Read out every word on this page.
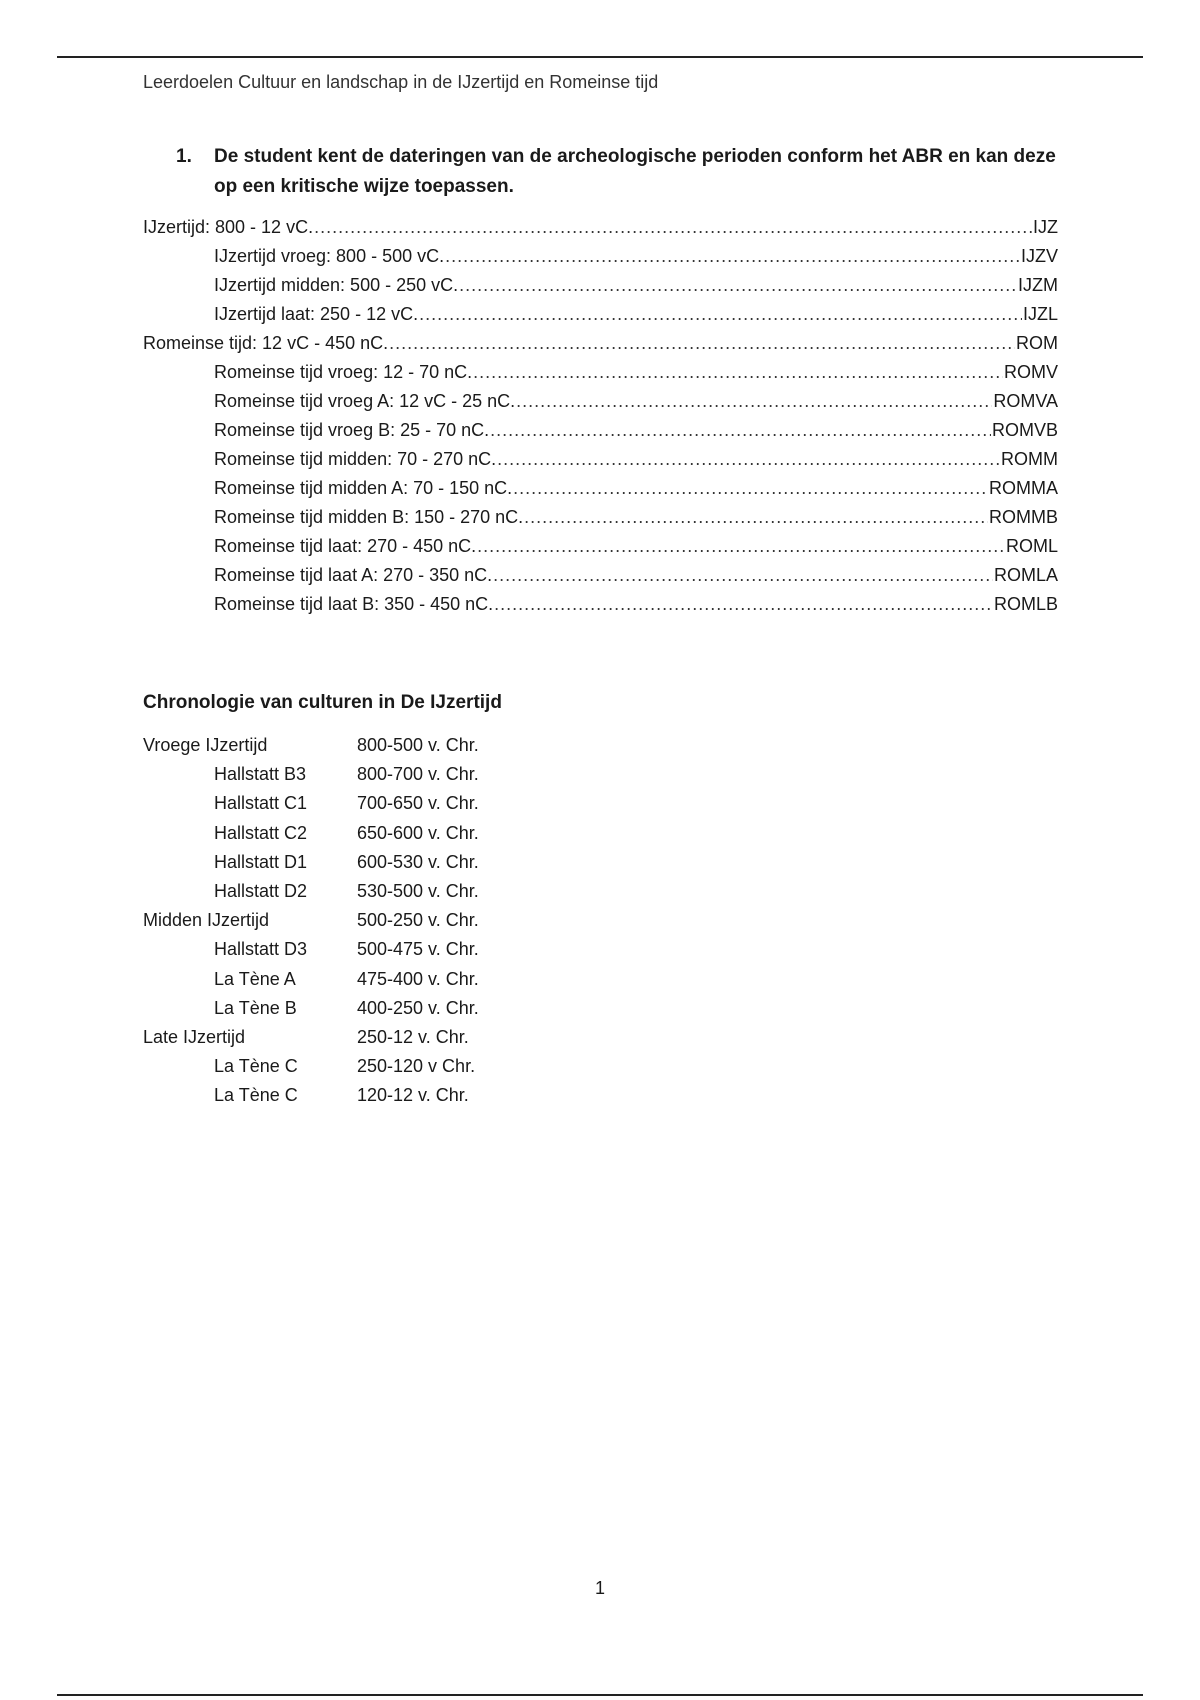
Leerdoelen Cultuur en landschap in de IJzertijd en Romeinse tijd
1.	De student kent de dateringen van de archeologische perioden conform het ABR en kan deze op een kritische wijze toepassen.
IJzertijd: 800 - 12 vC. .....	IJZ
IJzertijd vroeg: 800 - 500 vC. .....	IJZV
IJzertijd midden: 500 - 250 vC. .....	IJZM
IJzertijd laat: 250 - 12 vC. .....	IJZL
Romeinse tijd: 12 vC - 450 nC. .....	ROM
Romeinse tijd vroeg: 12 - 70 nC. .....	ROMV
Romeinse tijd vroeg A: 12 vC - 25 nC. .....	ROMVA
Romeinse tijd vroeg B: 25 - 70 nC. .....	ROMVB
Romeinse tijd midden: 70 - 270 nC. .....	ROMM
Romeinse tijd midden A: 70 - 150 nC. .....	ROMMA
Romeinse tijd midden B: 150 - 270 nC. .....	ROMMB
Romeinse tijd laat: 270 - 450 nC. .....	ROML
Romeinse tijd laat A: 270 - 350 nC. .....	ROMLA
Romeinse tijd laat B: 350 - 450 nC. .....	ROMLB
Chronologie van culturen in De IJzertijd
Vroege IJzertijd	800-500 v. Chr.
Hallstatt B3	800-700 v. Chr.
Hallstatt C1	700-650 v. Chr.
Hallstatt C2	650-600 v. Chr.
Hallstatt D1	600-530 v. Chr.
Hallstatt D2	530-500 v. Chr.
Midden IJzertijd	500-250 v. Chr.
Hallstatt D3	500-475 v. Chr.
La Tène A	475-400 v. Chr.
La Tène B	400-250 v. Chr.
Late IJzertijd	250-12 v. Chr.
La Tène C	250-120 v Chr.
La Tène C	120-12 v. Chr.
1
